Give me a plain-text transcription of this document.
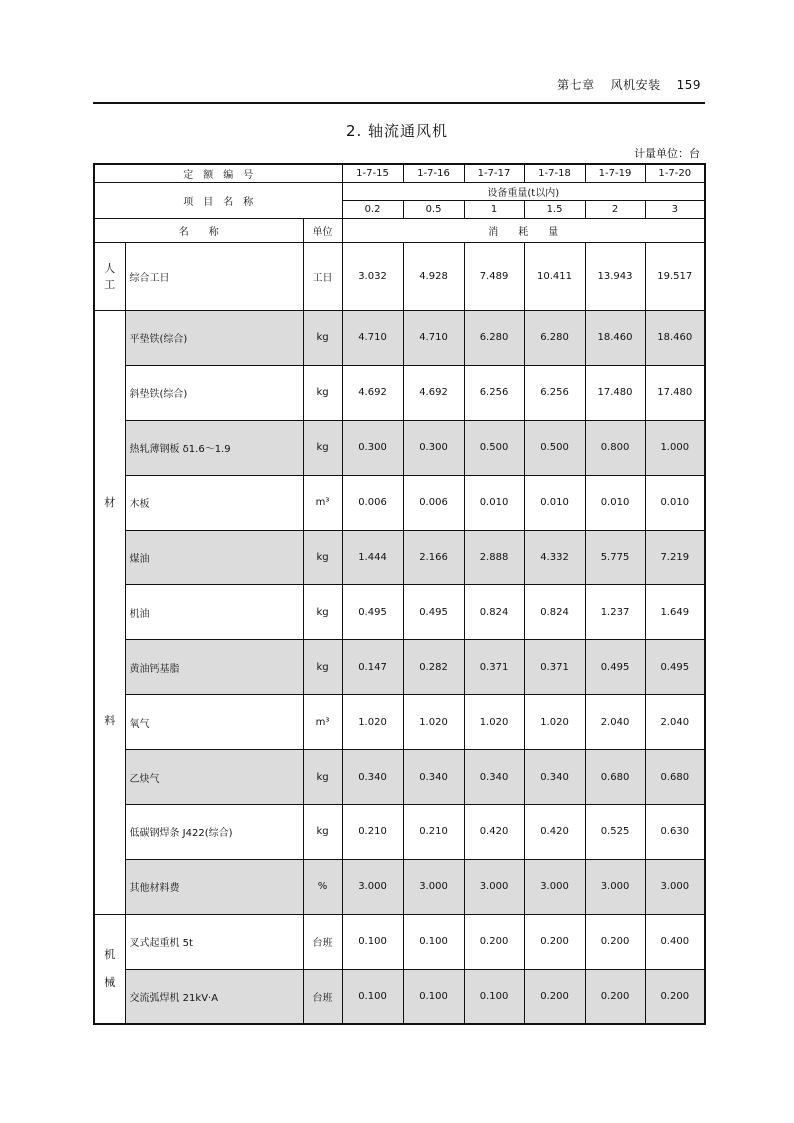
第七章 风机安装 159
2. 轴流通风机
计量单位：台
定　额　编　号			1-7-15	1-7-16	1-7-17	1-7-18	1-7-19	1-7-20
项　目　名　称			设备重量(t以内)					
			0.2	0.5	1	1.5	2	3
名　　称		单位	消　　耗　　量					

人工	综合工日	工日	3.032	4.928	7.489	10.411	13.943	19.517

材
料	平垫铁(综合)	kg	4.710	4.710	6.280	6.280	18.460	18.460
	斜垫铁(综合)	kg	4.692	4.692	6.256	6.256	17.480	17.480
	热轧薄钢板 δ1.6～1.9	kg	0.300	0.300	0.500	0.500	0.800	1.000
	木板	m³	0.006	0.006	0.010	0.010	0.010	0.010
	煤油	kg	1.444	2.166	2.888	4.332	5.775	7.219
	机油	kg	0.495	0.495	0.824	0.824	1.237	1.649
	黄油钙基脂	kg	0.147	0.282	0.371	0.371	0.495	0.495
	氧气	m³	1.020	1.020	1.020	1.020	2.040	2.040
	乙炔气	kg	0.340	0.340	0.340	0.340	0.680	0.680
	低碳钢焊条 J422(综合)	kg	0.210	0.210	0.420	0.420	0.525	0.630
	其他材料费	%	3.000	3.000	3.000	3.000	3.000	3.000

机
械	叉式起重机 5t	台班	0.100	0.100	0.200	0.200	0.200	0.400
	交流弧焊机 21kV·A	台班	0.100	0.100	0.100	0.200	0.200	0.200
